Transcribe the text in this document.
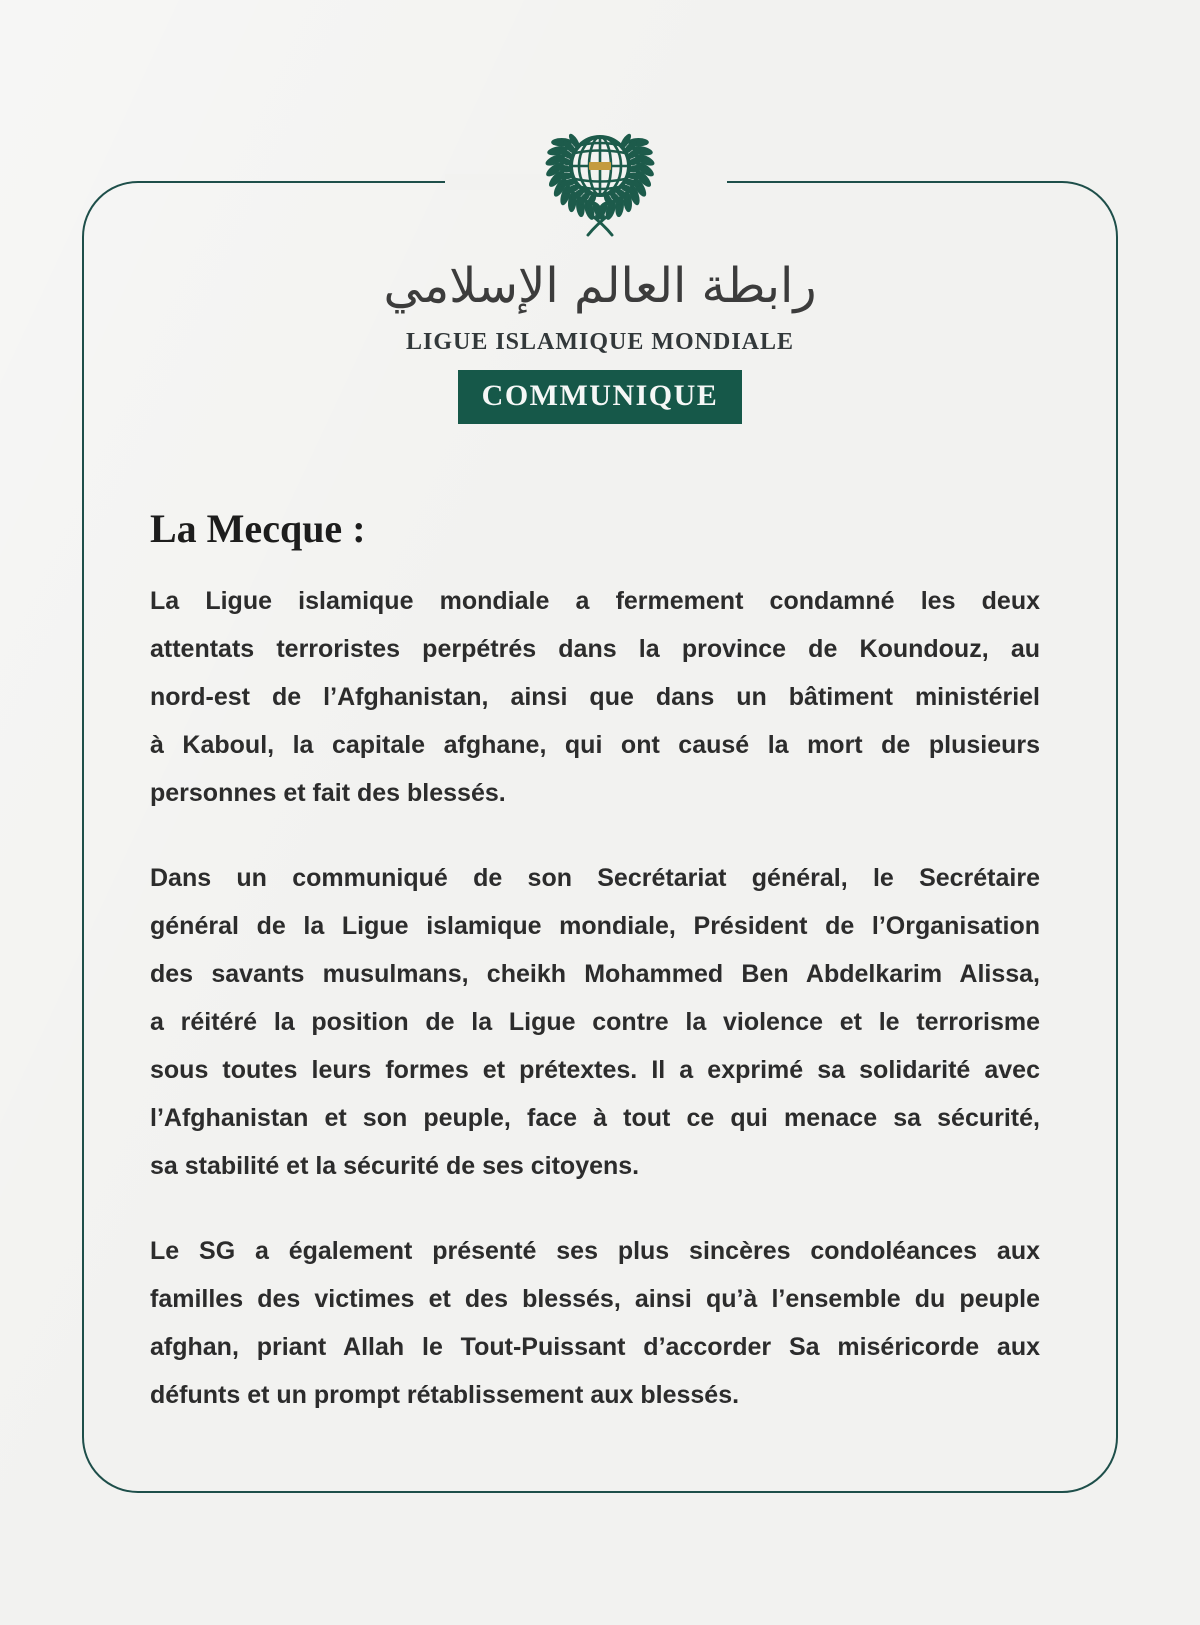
رابطة العالم الإسلامي
LIGUE ISLAMIQUE MONDIALE
COMMUNIQUE
La Mecque :
La Ligue islamique mondiale a fermement condamné les deux
attentats terroristes perpétrés dans la province de Koundouz, au
nord-est de l’Afghanistan, ainsi que dans un bâtiment ministériel
à Kaboul, la capitale afghane, qui ont causé la mort de plusieurs
personnes et fait des blessés.
Dans un communiqué de son Secrétariat général, le Secrétaire
général de la Ligue islamique mondiale, Président de l’Organisation
des savants musulmans, cheikh Mohammed Ben Abdelkarim Alissa,
a réitéré la position de la Ligue contre la violence et le terrorisme
sous toutes leurs formes et prétextes. Il a exprimé sa solidarité avec
l’Afghanistan et son peuple, face à tout ce qui menace sa sécurité,
sa stabilité et la sécurité de ses citoyens.
Le SG a également présenté ses plus sincères condoléances aux
familles des victimes et des blessés, ainsi qu’à l’ensemble du peuple
afghan, priant Allah le Tout-Puissant d’accorder Sa miséricorde aux
défunts et un prompt rétablissement aux blessés.
